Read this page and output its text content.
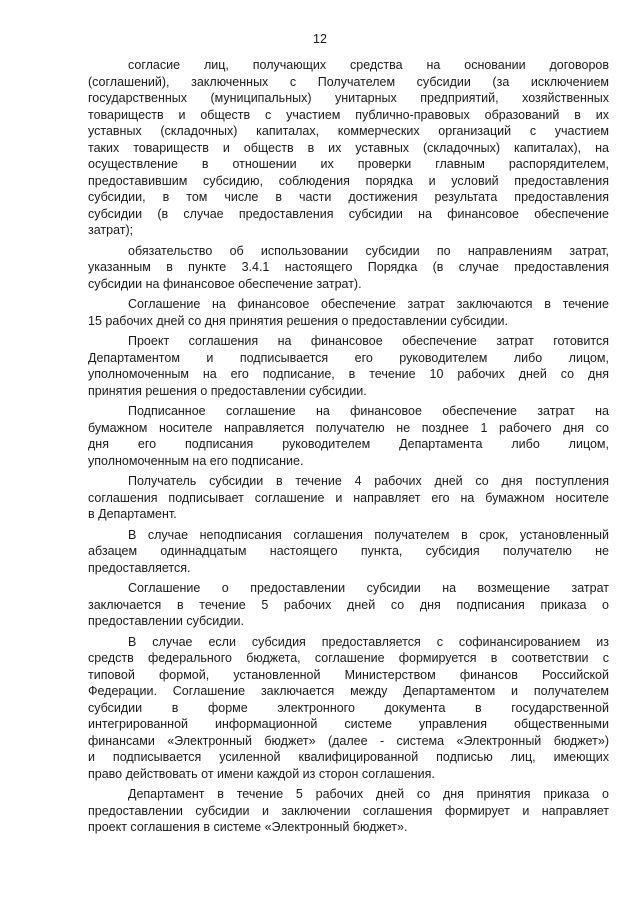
12
согласие лиц, получающих средства на основании договоров
(соглашений), заключенных с Получателем субсидии (за исключением
государственных (муниципальных) унитарных предприятий, хозяйственных
товариществ и обществ с участием публично-правовых образований в их
уставных (складочных) капиталах, коммерческих организаций с участием
таких товариществ и обществ в их уставных (складочных) капиталах), на
осуществление в отношении их проверки главным распорядителем,
предоставившим субсидию, соблюдения порядка и условий предоставления
субсидии, в том числе в части достижения результата предоставления
субсидии (в случае предоставления субсидии на финансовое обеспечение
затрат);
обязательство об использовании субсидии по направлениям затрат,
указанным в пункте 3.4.1 настоящего Порядка (в случае предоставления
субсидии на финансовое обеспечение затрат).
Соглашение на финансовое обеспечение затрат заключаются в течение
15 рабочих дней со дня принятия решения о предоставлении субсидии.
Проект соглашения на финансовое обеспечение затрат готовится
Департаментом и подписывается его руководителем либо лицом,
уполномоченным на его подписание, в течение 10 рабочих дней со дня
принятия решения о предоставлении субсидии.
Подписанное соглашение на финансовое обеспечение затрат на
бумажном носителе направляется получателю не позднее 1 рабочего дня со
дня его подписания руководителем Департамента либо лицом,
уполномоченным на его подписание.
Получатель субсидии в течение 4 рабочих дней со дня поступления
соглашения подписывает соглашение и направляет его на бумажном носителе
в Департамент.
В случае неподписания соглашения получателем в срок, установленный
абзацем одиннадцатым настоящего пункта, субсидия получателю не
предоставляется.
Соглашение о предоставлении субсидии на возмещение затрат
заключается в течение 5 рабочих дней со дня подписания приказа о
предоставлении субсидии.
В случае если субсидия предоставляется с софинансированием из
средств федерального бюджета, соглашение формируется в соответствии с
типовой формой, установленной Министерством финансов Российской
Федерации. Соглашение заключается между Департаментом и получателем
субсидии в форме электронного документа в государственной
интегрированной информационной системе управления общественными
финансами «Электронный бюджет» (далее - система «Электронный бюджет»)
и подписывается усиленной квалифицированной подписью лиц, имеющих
право действовать от имени каждой из сторон соглашения.
Департамент в течение 5 рабочих дней со дня принятия приказа о
предоставлении субсидии и заключении соглашения формирует и направляет
проект соглашения в системе «Электронный бюджет».
